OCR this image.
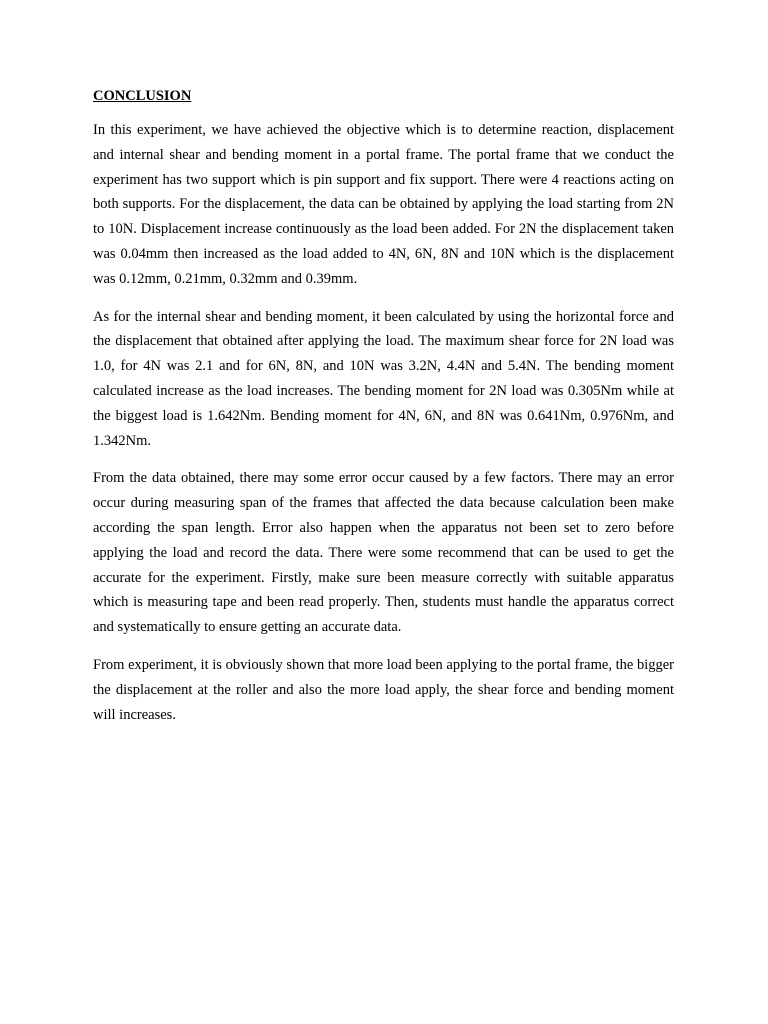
CONCLUSION

In this experiment, we have achieved the objective which is to determine reaction, displacement and internal shear and bending moment in a portal frame. The portal frame that we conduct the experiment has two support which is pin support and fix support. There were 4 reactions acting on both supports. For the displacement, the data can be obtained by applying the load starting from 2N to 10N. Displacement increase continuously as the load been added. For 2N the displacement taken was 0.04mm then increased as the load added to 4N, 6N, 8N and 10N which is the displacement was 0.12mm, 0.21mm, 0.32mm and 0.39mm.

As for the internal shear and bending moment, it been calculated by using the horizontal force and the displacement that obtained after applying the load. The maximum shear force for 2N load was 1.0, for 4N was 2.1 and for 6N, 8N, and 10N was 3.2N, 4.4N and 5.4N. The bending moment calculated increase as the load increases. The bending moment for 2N load was 0.305Nm while at the biggest load is 1.642Nm. Bending moment for 4N, 6N, and 8N was 0.641Nm, 0.976Nm, and 1.342Nm.

From the data obtained, there may some error occur caused by a few factors. There may an error occur during measuring span of the frames that affected the data because calculation been make according the span length. Error also happen when the apparatus not been set to zero before applying the load and record the data. There were some recommend that can be used to get the accurate for the experiment. Firstly, make sure been measure correctly with suitable apparatus which is measuring tape and been read properly. Then, students must handle the apparatus correct and systematically to ensure getting an accurate data.

From experiment, it is obviously shown that more load been applying to the portal frame, the bigger the displacement at the roller and also the more load apply, the shear force and bending moment will increases.
